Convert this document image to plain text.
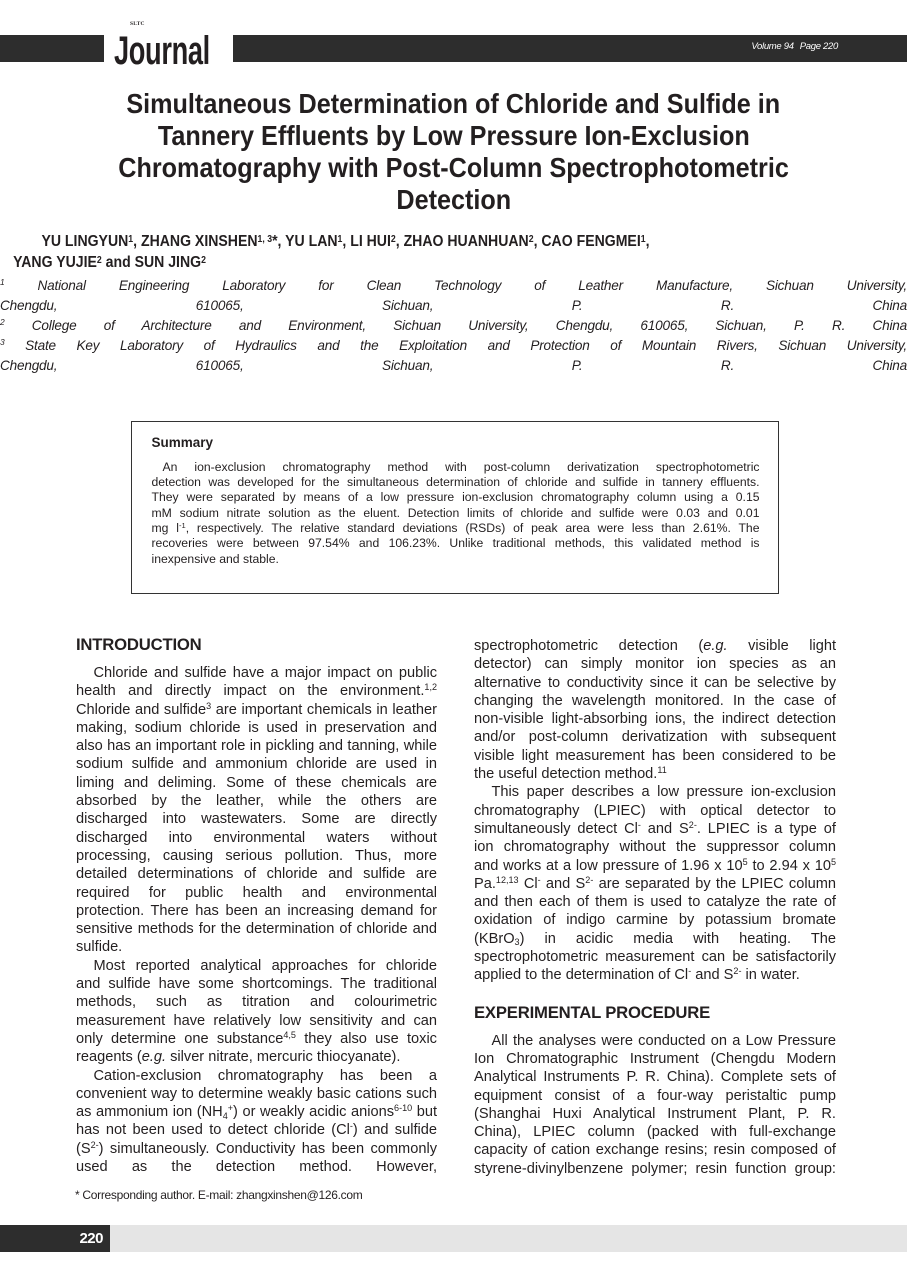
Volume 94 Page 220
SLTC
Journal
Simultaneous Determination of Chloride and Sulfide in
Tannery Effluents by Low Pressure Ion-Exclusion
Chromatography with Post-Column Spectrophotometric
Detection
YU LINGYUN$^1$, ZHANG XINSHEN$^{1, 3}$*, YU LAN$^1$, LI HUI$^2$, ZHAO HUANHUAN$^2$, CAO FENGMEI$^1$,
YANG YUJIE$^2$ and SUN JING$^2$
$^1$ National Engineering Laboratory for Clean Technology of Leather Manufacture, Sichuan University,
Chengdu, 610065, Sichuan, P. R. China
$^2$ College of Architecture and Environment, Sichuan University, Chengdu, 610065, Sichuan, P. R. China
$^3$ State Key Laboratory of Hydraulics and the Exploitation and Protection of Mountain Rivers, Sichuan University,
Chengdu, 610065, Sichuan, P. R. China
Summary
An ion-exclusion chromatography method with post-column derivatization spectrophotometric
detection was developed for the simultaneous determination of chloride and sulfide in tannery effluents.
They were separated by means of a low pressure ion-exclusion chromatography column using a 0.15
mM sodium nitrate solution as the eluent. Detection limits of chloride and sulfide were 0.03 and 0.01
mg $l^{-1}$, respectively. The relative standard deviations (RSDs) of peak area were less than 2.61%. The
recoveries were between 97.54% and 106.23%. Unlike traditional methods, this validated method is
inexpensive and stable.
INTRODUCTION
Chloride and sulfide have a major impact on public
health and directly impact on the environment.$^{1,2}$
Chloride and sulfide$^3$ are important chemicals in leather
making, sodium chloride is used in preservation and
also has an important role in pickling and tanning, while
sodium sulfide and ammonium chloride are used in
liming and deliming. Some of these chemicals are
absorbed by the leather, while the others are
discharged into wastewaters. Some are directly
discharged into environmental waters without
processing, causing serious pollution. Thus, more
detailed determinations of chloride and sulfide are
required for public health and environmental
protection. There has been an increasing demand for
sensitive methods for the determination of chloride and
sulfide.
Most reported analytical approaches for chloride
and sulfide have some shortcomings. The traditional
methods, such as titration and colourimetric
measurement have relatively low sensitivity and can
only determine one substance$^{4,5}$ they also use toxic
reagents (e.g. silver nitrate, mercuric thiocyanate).
Cation-exclusion chromatography has been a
convenient way to determine weakly basic cations such
as ammonium ion $(NH_4^+)$ or weakly acidic anions$^{6-10}$ but
has not been used to detect chloride (Cl-) and sulfide
$(S^{2-})$ simultaneously. Conductivity has been commonly
used as the detection method. However,
spectrophotometric detection (e.g. visible light
detector) can simply monitor ion species as an
alternative to conductivity since it can be selective by
changing the wavelength monitored. In the case of
non-visible light-absorbing ions, the indirect detection
and/or post-column derivatization with subsequent
visible light measurement has been considered to be
the useful detection method.$^{11}$
This paper describes a low pressure ion-exclusion
chromatography (LPIEC) with optical detector to
simultaneously detect Cl- and $S^{2-}$. LPIEC is a type of
ion chromatography without the suppressor column
and works at a low pressure of 1.96 x $10^5$ to 2.94 x $10^5$
Pa.$^{12,13}$ Cl- and $S^{2-}$ are separated by the LPIEC column
and then each of them is used to catalyze the rate of
oxidation of indigo carmine by potassium bromate
(KBrO$_3$) in acidic media with heating. The
spectrophotometric measurement can be satisfactorily
applied to the determination of Cl- and $S^{2-}$ in water.
EXPERIMENTAL PROCEDURE
All the analyses were conducted on a Low Pressure
Ion Chromatographic Instrument (Chengdu Modern
Analytical Instruments P. R. China). Complete sets of
equipment consist of a four-way peristaltic pump
(Shanghai Huxi Analytical Instrument Plant, P. R.
China), LPIEC column (packed with full-exchange
capacity of cation exchange resins; resin composed of
styrene-divinylbenzene polymer; resin function group:
* Corresponding author. E-mail: zhangxinshen@126.com
220
